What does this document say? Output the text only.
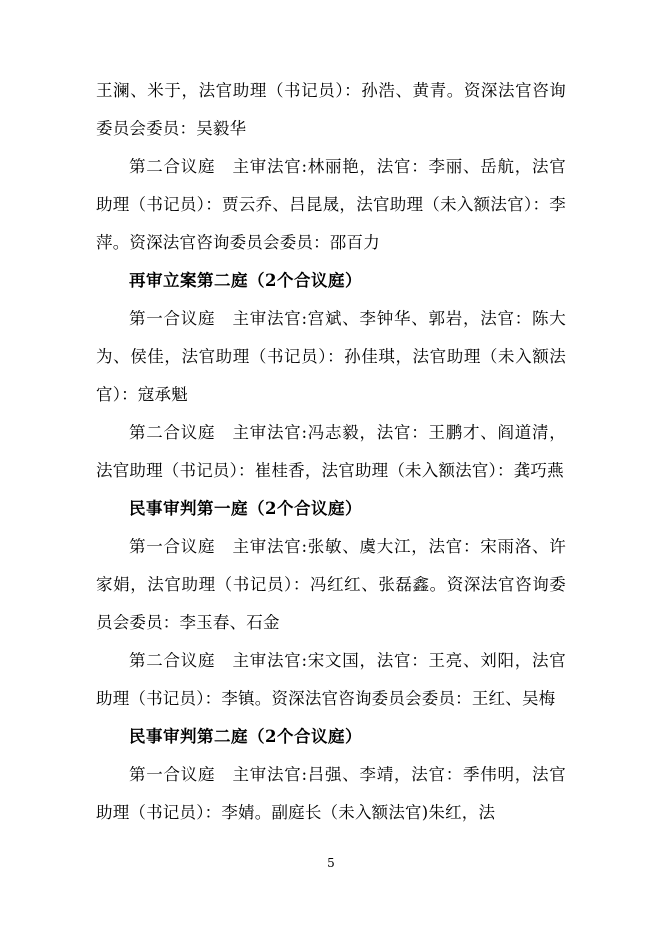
王澜、米于，法官助理（书记员）：孙浩、黄青。资深法官咨询委员会委员：吴毅华

第二合议庭　主审法官:林丽艳，法官：李丽、岳航，法官助理（书记员）：贾云乔、吕昆晟，法官助理（未入额法官）：李萍。资深法官咨询委员会委员：邵百力

再审立案第二庭（2个合议庭）

第一合议庭　主审法官:宫斌、李钟华、郭岩，法官：陈大为、侯佳，法官助理（书记员）：孙佳琪，法官助理（未入额法官）：寇承魁

第二合议庭　主审法官:冯志毅，法官：王鹏才、阎道清，法官助理（书记员）：崔桂香，法官助理（未入额法官）：龚巧燕

民事审判第一庭（2个合议庭）

第一合议庭　主审法官:张敏、虞大江，法官：宋雨洛、许家娟，法官助理（书记员）：冯红红、张磊鑫。资深法官咨询委员会委员：李玉春、石金

第二合议庭　主审法官:宋文国，法官：王亮、刘阳，法官助理（书记员）：李镇。资深法官咨询委员会委员：王红、吴梅

民事审判第二庭（2个合议庭）

第一合议庭　主审法官:吕强、李靖，法官：季伟明，法官助理（书记员）：李婧。副庭长（未入额法官)朱红，法

5
